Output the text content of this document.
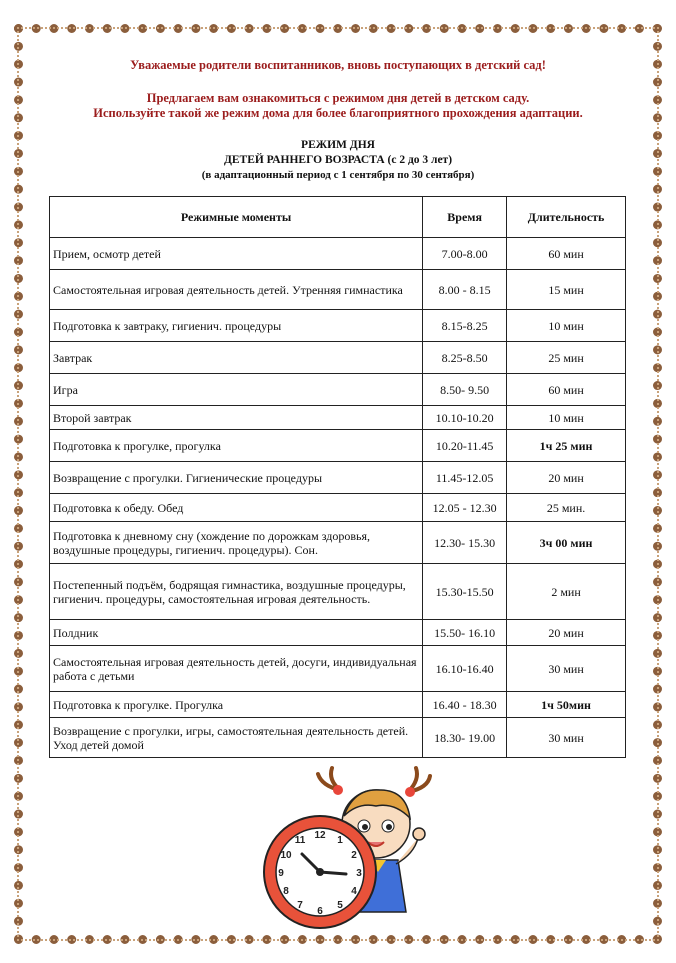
Уважаемые родители воспитанников, вновь поступающих в детский сад!
Предлагаем вам ознакомиться с режимом дня детей в детском саду.
Используйте такой же режим дома для более благоприятного прохождения адаптации.
РЕЖИМ ДНЯ
ДЕТЕЙ РАННЕГО ВОЗРАСТА (с 2 до 3 лет)
(в адаптационный период с 1 сентября по 30 сентября)
Режимные моменты	Время	Длительность
Прием, осмотр детей	7.00-8.00	60 мин
Самостоятельная игровая деятельность детей. Утренняя гимнастика	8.00 - 8.15	15 мин
Подготовка к завтраку, гигиенич. процедуры	8.15-8.25	10 мин
Завтрак	8.25-8.50	25 мин
Игра	8.50- 9.50	60 мин
Второй завтрак	10.10-10.20	10 мин
Подготовка к прогулке, прогулка	10.20-11.45	1ч 25 мин
Возвращение с прогулки. Гигиенические процедуры	11.45-12.05	20 мин
Подготовка к обеду. Обед	12.05 - 12.30	25 мин.
Подготовка к дневному сну (хождение по дорожкам здоровья, воздушные процедуры, гигиенич. процедуры). Сон.	12.30- 15.30	3ч 00 мин
Постепенный подъём, бодрящая гимнастика, воздушные процедуры, гигиенич. процедуры, самостоятельная игровая деятельность.	15.30-15.50	2 мин
Полдник	15.50- 16.10	20 мин
Самостоятельная игровая деятельность детей, досуги, индивидуальная работа с детьми	16.10-16.40	30 мин
Подготовка к прогулке. Прогулка	16.40 - 18.30	1ч 50мин
Возвращение с прогулки, игры, самостоятельная деятельность детей. Уход детей домой	18.30- 19.00	30 мин
12 1
2
3
4
5
6
7
8
9
10
11
